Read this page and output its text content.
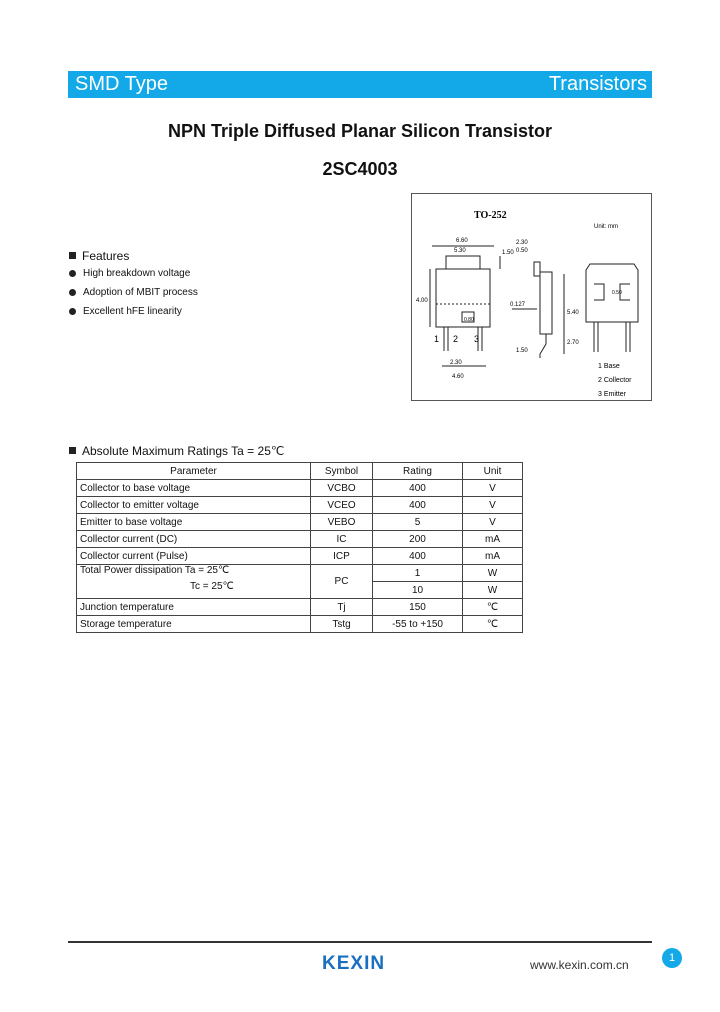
SMD Type	Transistors
NPN Triple Diffused Planar Silicon Transistor
2SC4003
TO-252
Unit: mm
6.60
5.30	1.50
4.00
0.80
1 2 3
2.30
4.60
2.30
0.50
0.127
5.40
2.70
1.50
0.50
1 Base
2 Collector
3 Emitter
Features
High breakdown voltage
Adoption of MBIT process
Excellent hFE linearity
Absolute Maximum Ratings Ta = 25℃
Parameter	Symbol	Rating	Unit
Collector to base voltage	VCBO	400	V
Collector to emitter voltage	VCEO	400	V
Emitter to base voltage	VEBO	5	V
Collector current (DC)	IC	200	mA
Collector current (Pulse)	ICP	400	mA

Total Power dissipation Ta = 25℃
Tc = 25℃	PC	1	W
		10	W
Junction temperature	Tj	150	℃
Storage temperature	Tstg	-55 to +150	℃
KEXIN	www.kexin.com.cn	1
